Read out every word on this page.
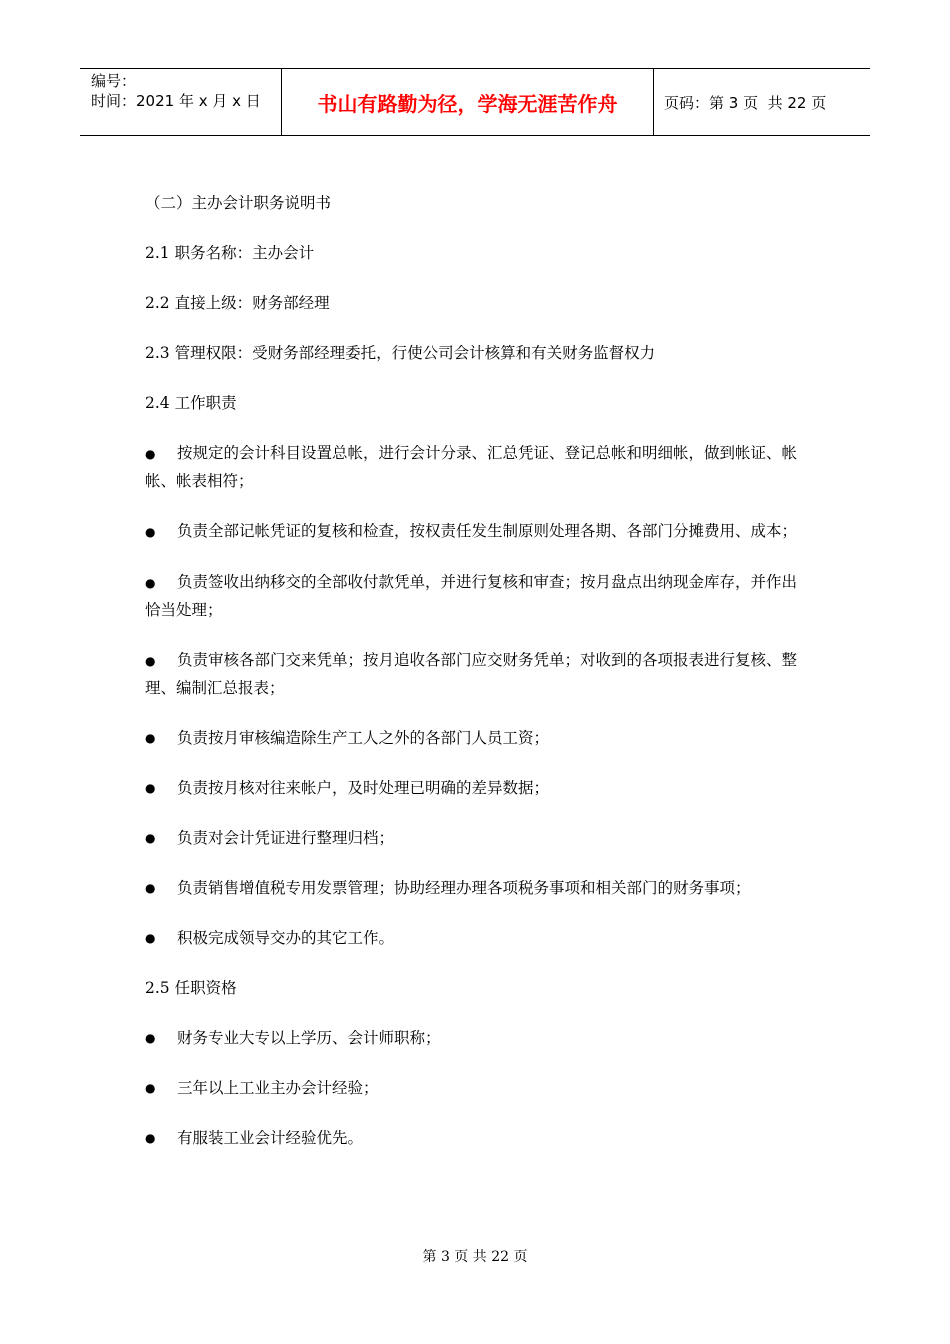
编号：
时间：2021 年 x 月 x 日	书山有路勤为径，学海无涯苦作舟	页码：第 3 页  共 22 页

（二）主办会计职务说明书

2.1 职务名称：主办会计

2.2 直接上级：财务部经理

2.3 管理权限：受财务部经理委托，行使公司会计核算和有关财务监督权力

2.4 工作职责

● 按规定的会计科目设置总帐，进行会计分录、汇总凭证、登记总帐和明细帐，做到帐证、帐帐、帐表相符；
● 负责全部记帐凭证的复核和检查，按权责任发生制原则处理各期、各部门分摊费用、成本；
● 负责签收出纳移交的全部收付款凭单，并进行复核和审查；按月盘点出纳现金库存，并作出恰当处理；
● 负责审核各部门交来凭单；按月追收各部门应交财务凭单；对收到的各项报表进行复核、整理、编制汇总报表；
●	负责按月审核编造除生产工人之外的各部门人员工资；
●	负责按月核对往来帐户，及时处理已明确的差异数据；
●	负责对会计凭证进行整理归档；
●	负责销售增值税专用发票管理；协助经理办理各项税务事项和相关部门的财务事项；
●	积极完成领导交办的其它工作。

2.5 任职资格

●	财务专业大专以上学历、会计师职称；
●	三年以上工业主办会计经验；
●	有服装工业会计经验优先。
第 3 页 共 22 页
